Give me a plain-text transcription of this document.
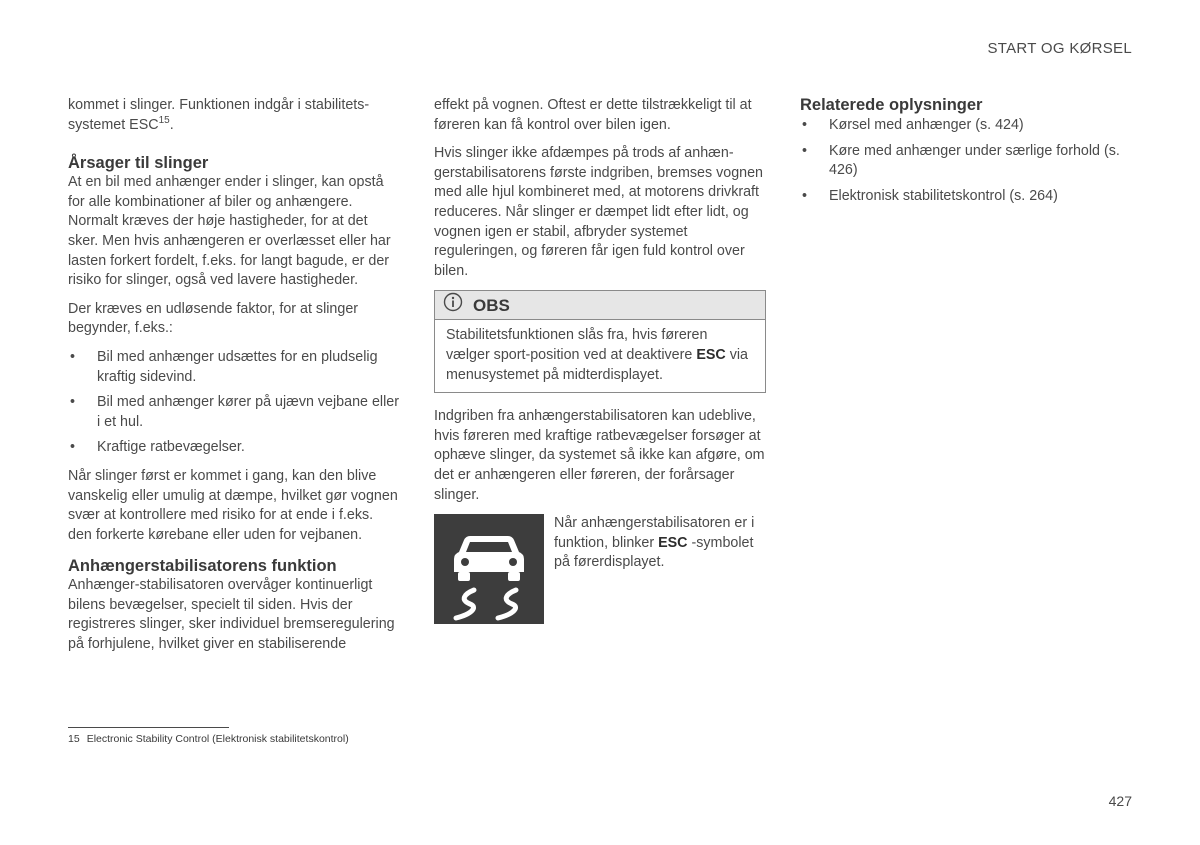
START OG KØRSEL

kommet i slinger. Funktionen indgår i stabilitetssystemet ESC$^{15}$.

Årsager til slinger

At en bil med anhænger ender i slinger, kan opstå for alle kombinationer af biler og anhængere. Normalt kræves der høje hastigheder, for at det sker. Men hvis anhængeren er overlæsset eller har lasten forkert fordelt, f.eks. for langt bagude, er der risiko for slinger, også ved lavere hastigheder.

Der kræves en udløsende faktor, for at slinger begynder, f.eks.:

• Bil med anhænger udsættes for en pludselig kraftig sidevind.
• Bil med anhænger kører på ujævn vejbane eller i et hul.
• Kraftige ratbevægelser.

Når slinger først er kommet i gang, kan den blive vanskelig eller umulig at dæmpe, hvilket gør vognen svær at kontrollere med risiko for at ende i f.eks. den forkerte kørebane eller uden for vejbanen.

Anhængerstabilisatorens funktion

Anhænger-stabilisatoren overvåger kontinuerligt bilens bevægelser, specielt til siden. Hvis der registreres slinger, sker individuel bremseregulering på forhjulene, hvilket giver en stabiliserende

effekt på vognen. Oftest er dette tilstrækkeligt til at føreren kan få kontrol over bilen igen.

Hvis slinger ikke afdæmpes på trods af anhængerstabilisatorens første indgriben, bremses vognen med alle hjul kombineret med, at motorens drivkraft reduceres. Når slinger er dæmpet lidt efter lidt, og vognen igen er stabil, afbryder systemet reguleringen, og føreren får igen fuld kontrol over bilen.

OBS
Stabilitetsfunktionen slås fra, hvis føreren vælger sport-position ved at deaktivere ESC via menusystemet på midterdisplayet.

Indgriben fra anhængerstabilisatoren kan udeblive, hvis føreren med kraftige ratbevægelser forsøger at ophæve slinger, da systemet så ikke kan afgøre, om det er anhængeren eller føreren, der forårsager slinger.

Når anhængerstabilisatoren er i funktion, blinker ESC -symbolet på førerdisplayet.
Relaterede oplysninger
• Kørsel med anhænger (s. 424)
• Køre med anhænger under særlige forhold (s. 426)
• Elektronisk stabilitetskontrol (s. 264)
15 Electronic Stability Control (Elektronisk stabilitetskontrol)
427
